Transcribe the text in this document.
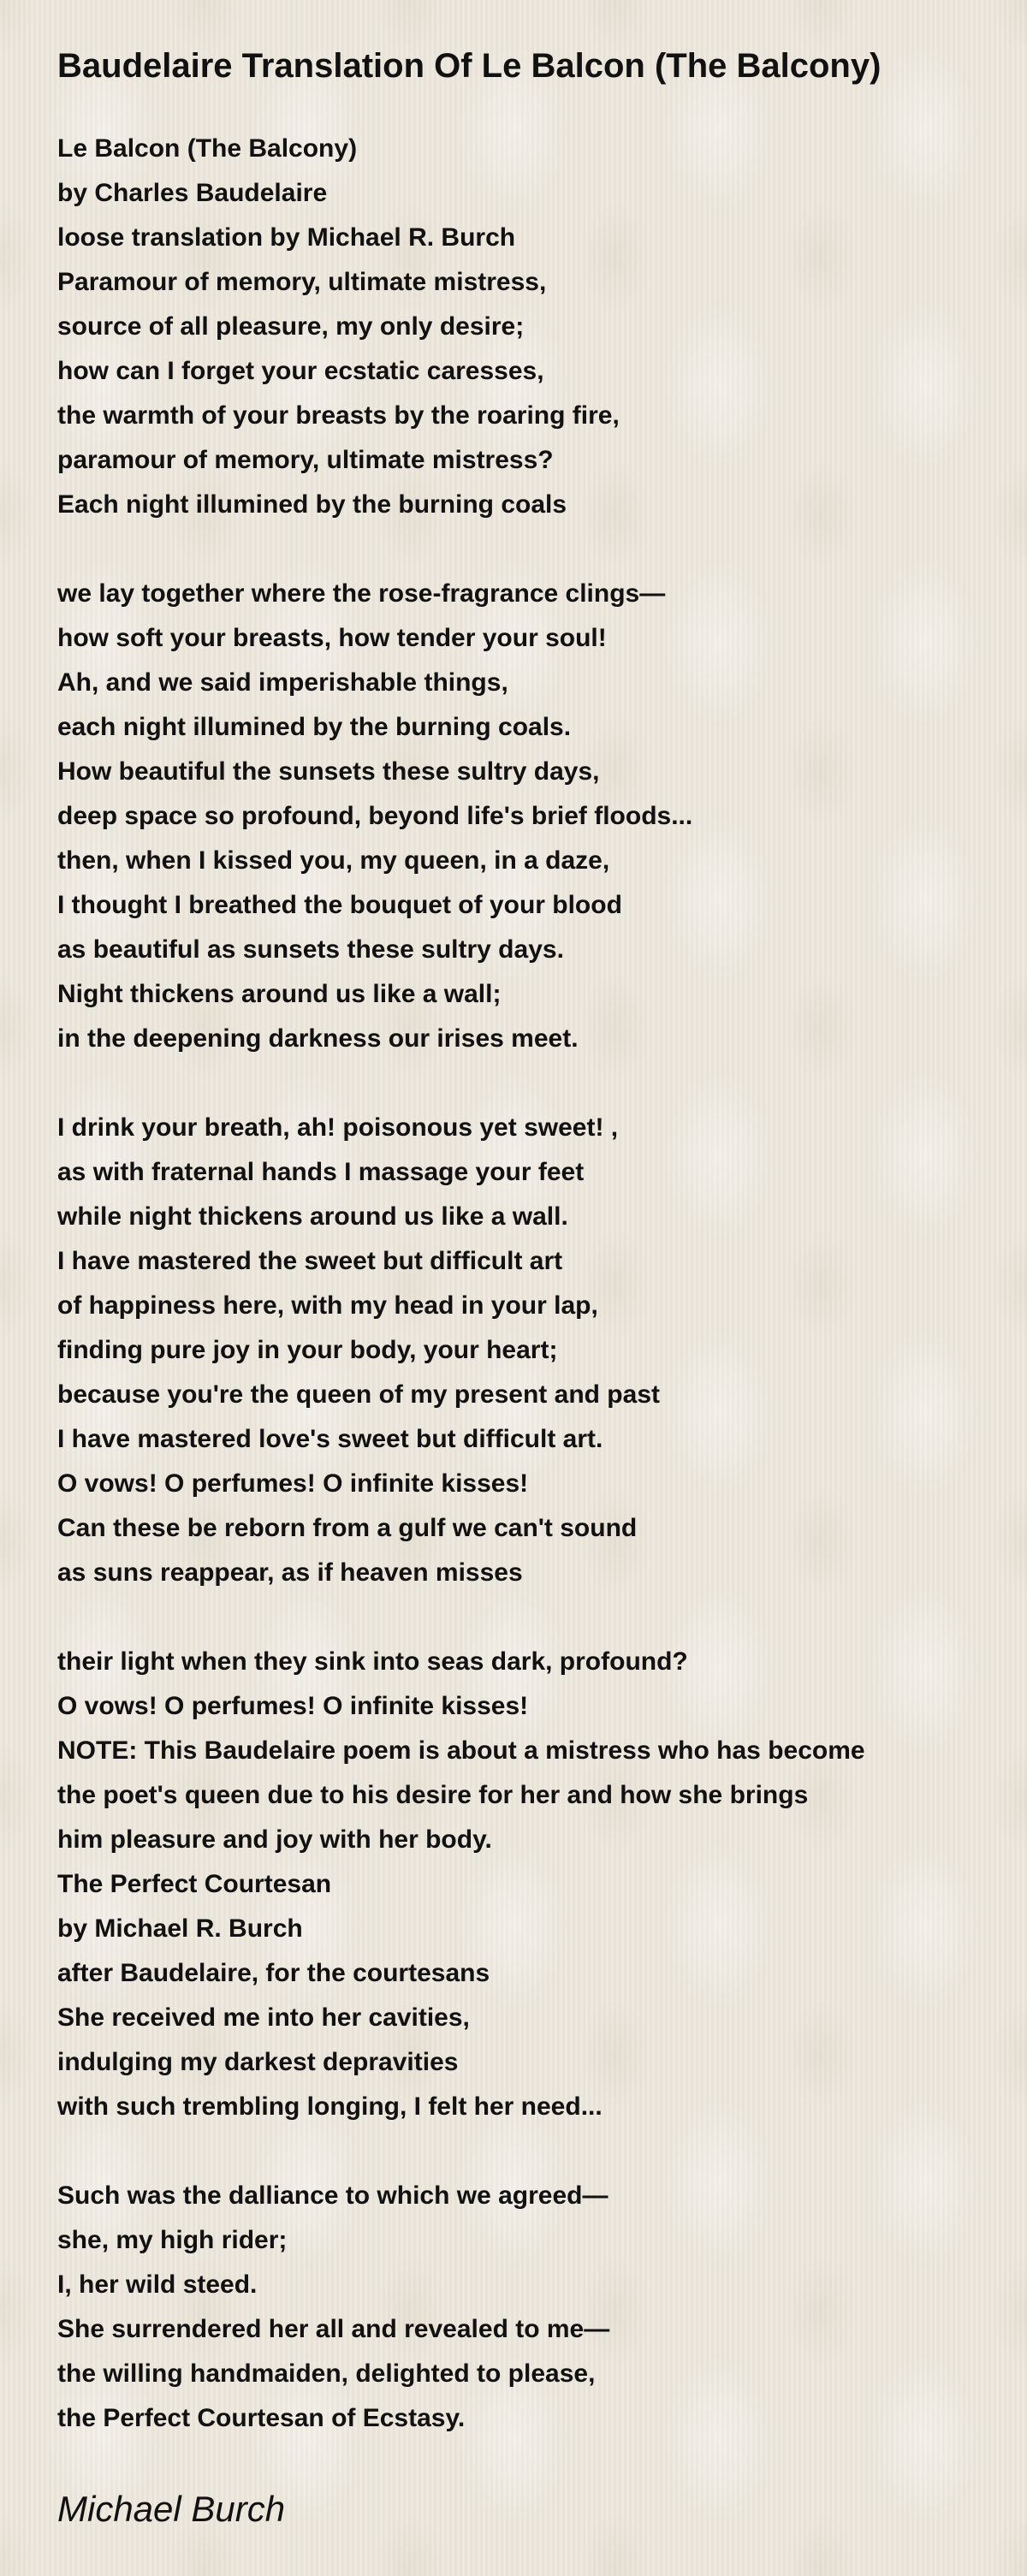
Baudelaire Translation Of Le Balcon (The Balcony)
Le Balcon (The Balcony)
by Charles Baudelaire
loose translation by Michael R. Burch
Paramour of memory, ultimate mistress,
source of all pleasure, my only desire;
how can I forget your ecstatic caresses,
the warmth of your breasts by the roaring fire,
paramour of memory, ultimate mistress?
Each night illumined by the burning coals
we lay together where the rose-fragrance clings—
how soft your breasts, how tender your soul!
Ah, and we said imperishable things,
each night illumined by the burning coals.
How beautiful the sunsets these sultry days,
deep space so profound, beyond life's brief floods...
then, when I kissed you, my queen, in a daze,
I thought I breathed the bouquet of your blood
as beautiful as sunsets these sultry days.
Night thickens around us like a wall;
in the deepening darkness our irises meet.
I drink your breath, ah! poisonous yet sweet! ,
as with fraternal hands I massage your feet
while night thickens around us like a wall.
I have mastered the sweet but difficult art
of happiness here, with my head in your lap,
finding pure joy in your body, your heart;
because you're the queen of my present and past
I have mastered love's sweet but difficult art.
O vows! O perfumes! O infinite kisses!
Can these be reborn from a gulf we can't sound
as suns reappear, as if heaven misses
their light when they sink into seas dark, profound?
O vows! O perfumes! O infinite kisses!
NOTE: This Baudelaire poem is about a mistress who has become
the poet's queen due to his desire for her and how she brings
him pleasure and joy with her body.
The Perfect Courtesan
by Michael R. Burch
after Baudelaire, for the courtesans
She received me into her cavities,
indulging my darkest depravities
with such trembling longing, I felt her need...
Such was the dalliance to which we agreed—
she, my high rider;
I, her wild steed.
She surrendered her all and revealed to me—
the willing handmaiden, delighted to please,
the Perfect Courtesan of Ecstasy.

Michael Burch
